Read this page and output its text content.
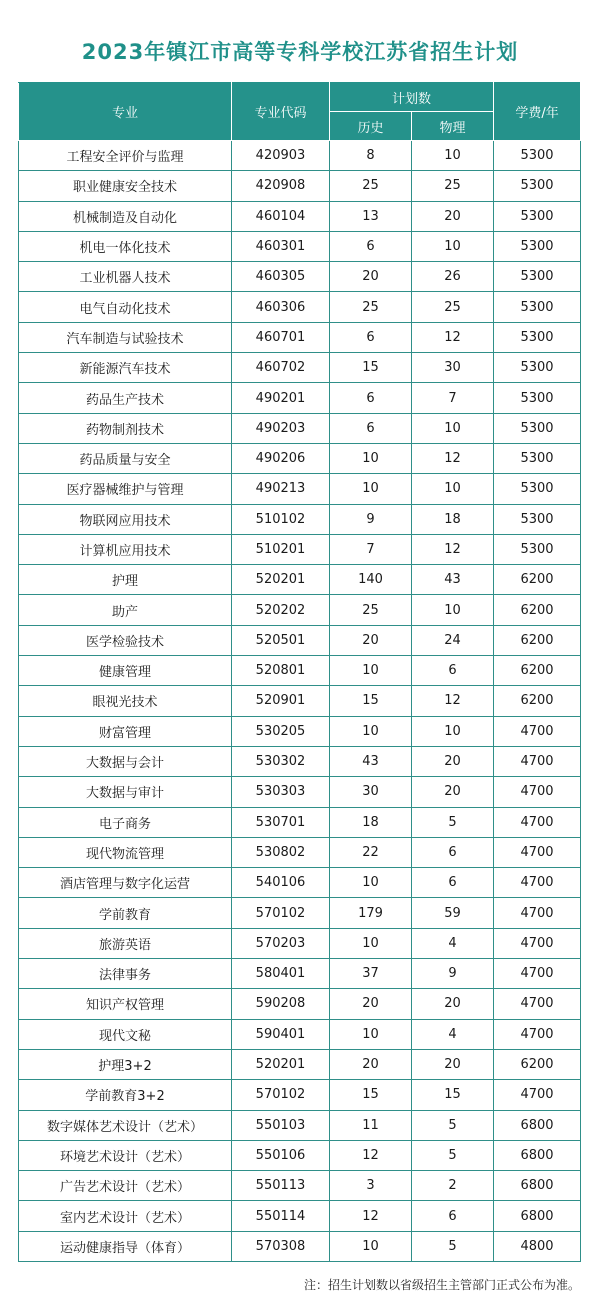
2023年镇江市高等专科学校江苏省招生计划
专业	专业代码	计划数		学费/年
		历史	物理	
工程安全评价与监理	420903	8	10	5300
职业健康安全技术	420908	25	25	5300
机械制造及自动化	460104	13	20	5300
机电一体化技术	460301	6	10	5300
工业机器人技术	460305	20	26	5300
电气自动化技术	460306	25	25	5300
汽车制造与试验技术	460701	6	12	5300
新能源汽车技术	460702	15	30	5300
药品生产技术	490201	6	7	5300
药物制剂技术	490203	6	10	5300
药品质量与安全	490206	10	12	5300
医疗器械维护与管理	490213	10	10	5300
物联网应用技术	510102	9	18	5300
计算机应用技术	510201	7	12	5300
护理	520201	140	43	6200
助产	520202	25	10	6200
医学检验技术	520501	20	24	6200
健康管理	520801	10	6	6200
眼视光技术	520901	15	12	6200
财富管理	530205	10	10	4700
大数据与会计	530302	43	20	4700
大数据与审计	530303	30	20	4700
电子商务	530701	18	5	4700
现代物流管理	530802	22	6	4700
酒店管理与数字化运营	540106	10	6	4700
学前教育	570102	179	59	4700
旅游英语	570203	10	4	4700
法律事务	580401	37	9	4700
知识产权管理	590208	20	20	4700
现代文秘	590401	10	4	4700
护理3+2	520201	20	20	6200
学前教育3+2	570102	15	15	4700
数字媒体艺术设计（艺术）	550103	11	5	6800
环境艺术设计（艺术）	550106	12	5	6800
广告艺术设计（艺术）	550113	3	2	6800
室内艺术设计（艺术）	550114	12	6	6800
运动健康指导（体育）	570308	10	5	4800
注：招生计划数以省级招生主管部门正式公布为准。
